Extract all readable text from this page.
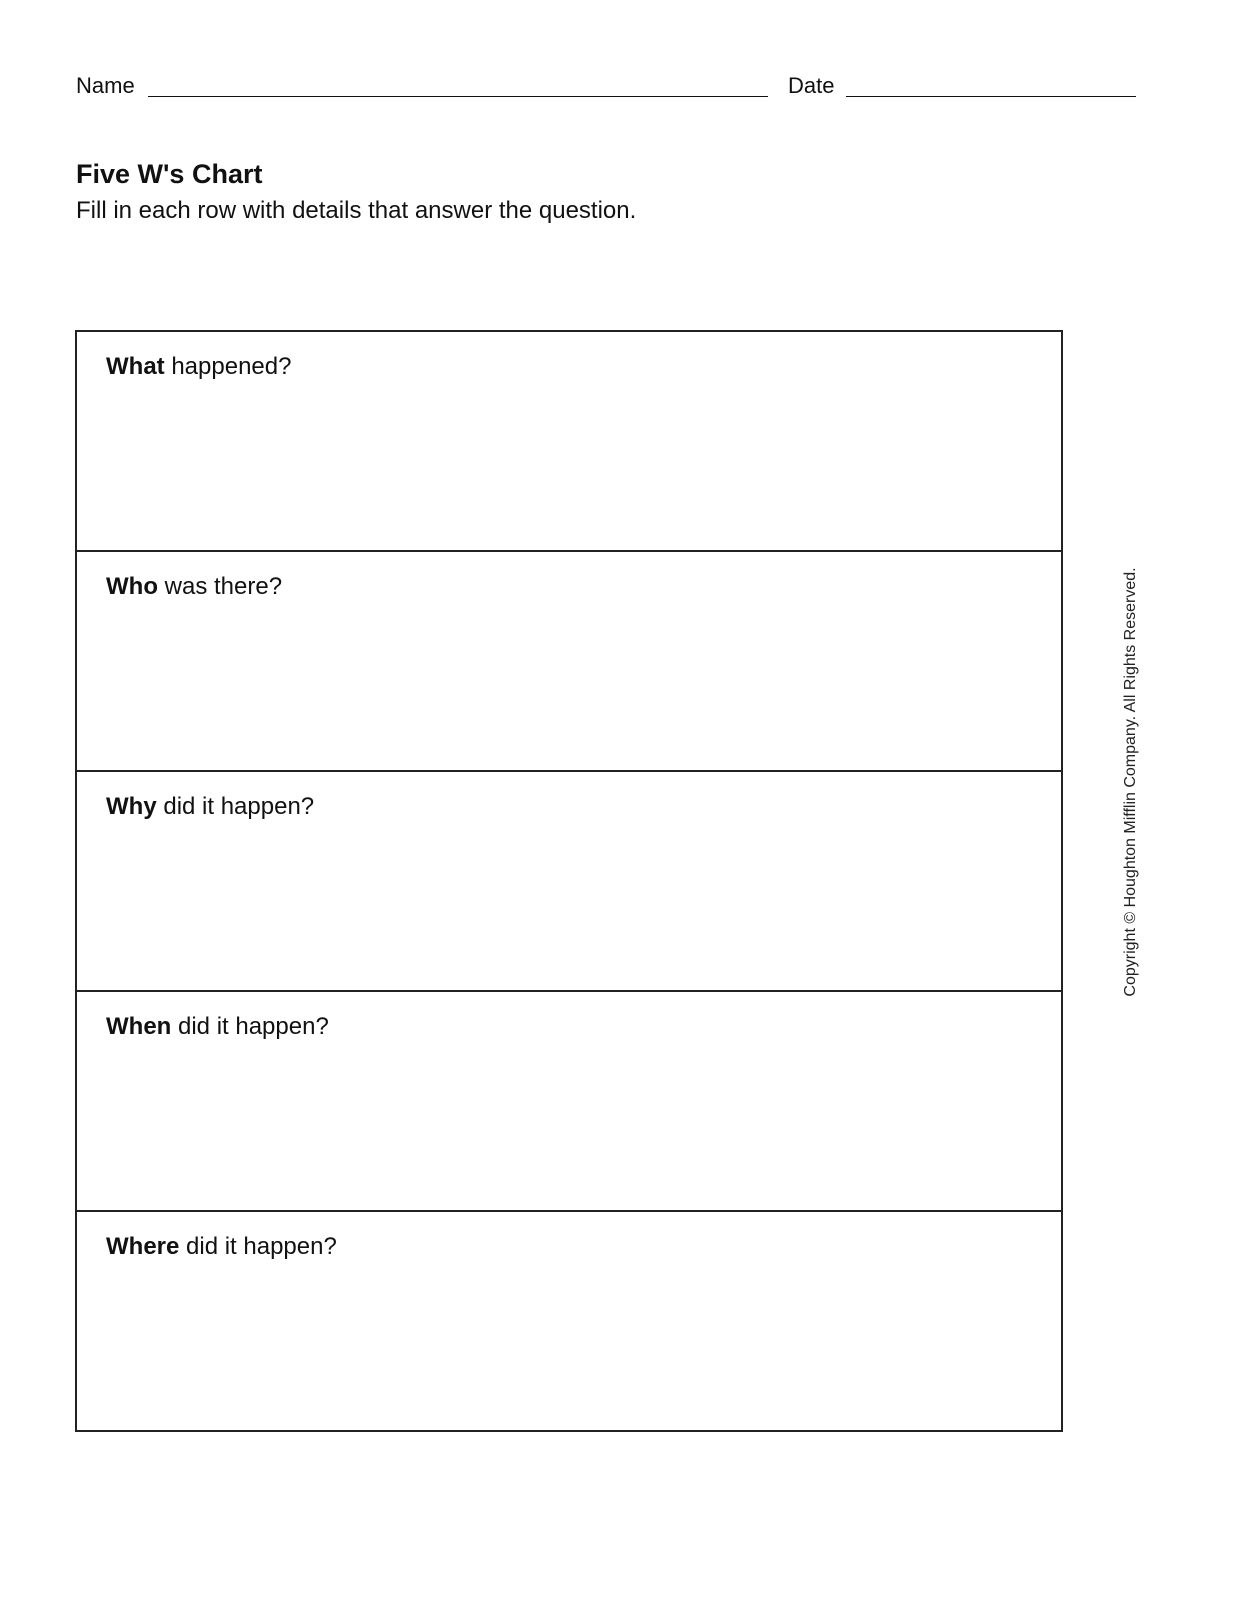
Name	Date
Five W's Chart

Fill in each row with details that answer the question.

What happened?
Who was there?
Why did it happen?
When did it happen?
Where did it happen?
Copyright © Houghton Mifflin Company. All Rights Reserved.
